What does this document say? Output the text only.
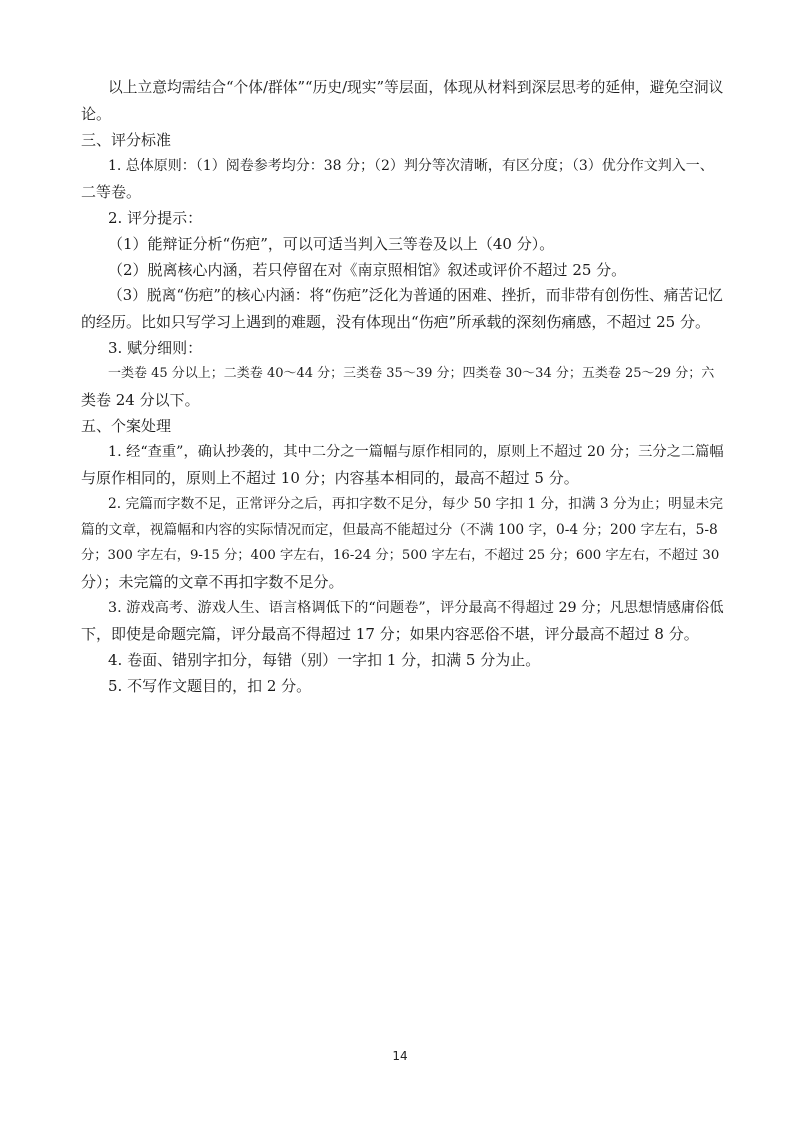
以上立意均需结合“个体/群体”“历史/现实”等层面，体现从材料到深层思考的延伸，避免空洞议
论。
三、评分标准
1. 总体原则：（1）阅卷参考均分：38 分；（2）判分等次清晰，有区分度；（3）优分作文判入一、
二等卷。
2. 评分提示：
（1）能辩证分析“伤疤”，可以可适当判入三等卷及以上（40 分）。
（2）脱离核心内涵，若只停留在对《南京照相馆》叙述或评价不超过 25 分。
（3）脱离“伤疤”的核心内涵：将“伤疤”泛化为普通的困难、挫折，而非带有创伤性、痛苦记忆
的经历。比如只写学习上遇到的难题，没有体现出“伤疤”所承载的深刻伤痛感，不超过 25 分。
3. 赋分细则：
一类卷 45 分以上；二类卷 40～44 分；三类卷 35～39 分；四类卷 30～34 分；五类卷 25～29 分；六
类卷 24 分以下。
五、个案处理
1. 经“查重”，确认抄袭的，其中二分之一篇幅与原作相同的，原则上不超过 20 分；三分之二篇幅
与原作相同的，原则上不超过 10 分；内容基本相同的，最高不超过 5 分。
2. 完篇而字数不足，正常评分之后，再扣字数不足分，每少 50 字扣 1 分，扣满 3 分为止；明显未完
篇的文章，视篇幅和内容的实际情况而定，但最高不能超过分（不满 100 字，0-4 分；200 字左右，5-8
分；300 字左右，9-15 分；400 字左右，16-24 分；500 字左右，不超过 25 分；600 字左右，不超过 30
分）；未完篇的文章不再扣字数不足分。
3. 游戏高考、游戏人生、语言格调低下的“问题卷”，评分最高不得超过 29 分；凡思想情感庸俗低
下，即使是命题完篇，评分最高不得超过 17 分；如果内容恶俗不堪，评分最高不超过 8 分。
4. 卷面、错别字扣分，每错（别）一字扣 1 分，扣满 5 分为止。
5. 不写作文题目的，扣 2 分。
14
